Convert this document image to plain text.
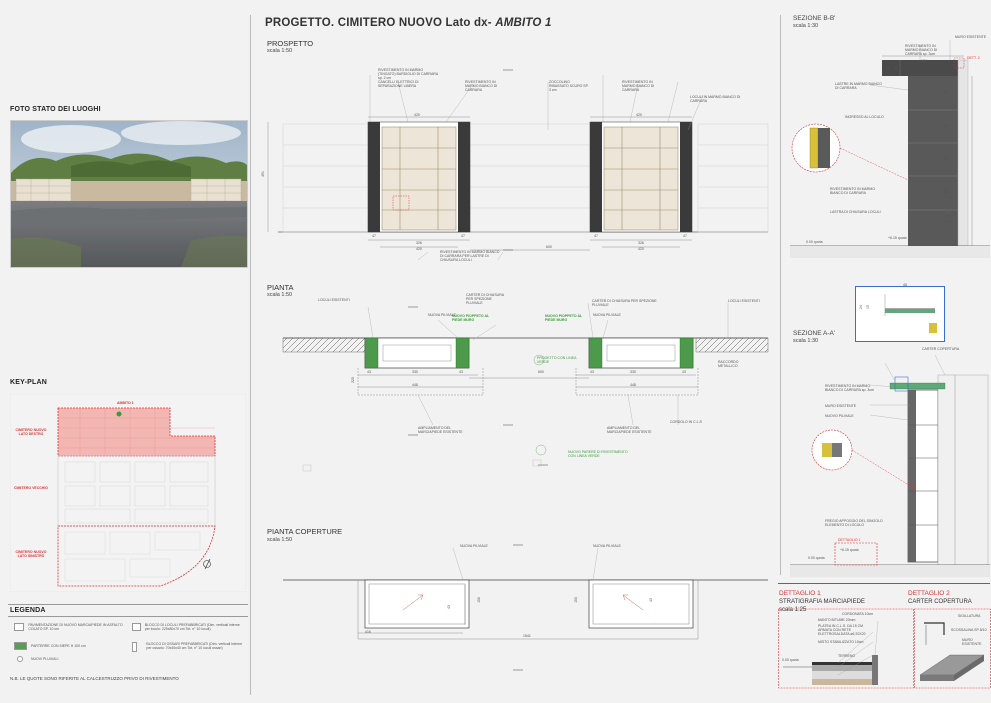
FOTO STATO DEI LUOGHI
KEY-PLAN
AMBITO 1
CIMITERO NUOVO LATO DESTRO
CIMITERO VECCHIO
CIMITERO NUOVO LATO SINISTRO
LEGENDA
PAVIMENTAZIONE DI NUOVO MARCIAPIEDE IN ASFALTO COLATO SP. 10 cm
PARTERRE CON SIEPE H 100 cm
NUOVI PLUVIALI
BLOCCO DI LOCULI PREFABBRICATI (Dim. verticali interne per loculo: 225x80x70 cm Tot. n° 10 loculi)
BLOCCO DI OSSARI PREFABBRICATI (Dim. verticali interne per ossario: 70x40x40 cm Tot. n° 10 loculi ossari)
N.B. LE QUOTE SONO RIFERITE AL CALCESTRUZZO PRIVO DI RIVESTIMENTO
PROGETTO. CIMITERO NUOVO Lato dx- AMBITO 1
PROSPETTO
scala 1:50
420	420
491
47	47	47	47
326	326
420	420
600
RIVESTIMENTO IN MARMO (TINGATO) BARDIGLIO DI CARRARA sp. 2 cm
CANCELLI ELETTRICI DI SEPARAZIONE LIBERA
RIVESTIMENTO IN MARMO BIANCO DI CARRARA
ZOCCOLINO RIBASSATO SCURO SP. 3 cm
RIVESTIMENTO IN MARMO BIANCO DI CARRARA
LOCULI IN MARMO BIANCO DI CARRARA
RIVESTIMENTO IN MARMO BIANCO DI CARRARA PER LASTRE DI CHIUSURA LOCULI
PIANTA
scala 1:50
NUOVO PIOPPETO AL PIEDE MURO
NUOVO PIOPPETO AL PIEDE MURO
PROGETTO CON LINEA VERDE
NUOVO PARERE DI RIVESTIMENTO CON LINEA VERDE
330
448
330
448
600
43	43	43	43
225
LOCULI ESISTENTI
NUOVA PILVIALE
CARTER DI CHIUSURA PER SPEZIONE PLUVIALE	CARTER DI CHIUSURA PER SPEZIONE PLUVIALE
NUOVA PILVIALE
LOCULI ESISTENTI
AMPLIAMENTO DEL MARCIAPIEDE ESISTENTE
AMPLIAMENTO DEL MARCIAPIEDE ESISTENTE
CORDOLO IN C.L.S
RACCORDO METALLICO
PIANTA COPERTURE
scala 1:50
416
43
43
1541
150	150
NUOVA PILVIALE	NUOVA PILVIALE
SEZIONE B-B'
scala 1:30
184
24
15
83
83
83
83
105
DETT. 2
RIVESTIMENTO IN MARMO BIANCO DI CARRARA sp. 3cm
LASTRE IN MARMO BIANCO DI CARRARA
INGRESSO AL LOCULO
RIVESTIMENTO IN MARMO BIANCO DI CARRARA
LASTRA DI CHIUSURA LOCULI
MURO ESISTENTE
+6.15 quota
0.00 quota
45
24 15
SEZIONE A-A'
scala 1:30
CARTER COPERTURA
RIVESTIMENTO IN MARMO BIANCO DI CARRARA sp. 3cm
MURO ESISTENTE
NUOVO PILVIALE
FREGIO APPOGGIO DEL SINGOLO ELEMENTO DI LOCULO
DETTAGLIO 1
+6.15 quota
0.00 quota
DETTAGLIO 1
STRATIGRAFIA MARCIAPIEDE
scala 1:25
CORDONATA 10cm
MANTO BITUME 20mm
PLATEA IN C.L.S. DA 15 CM ARMATA CON RETE ELETTROSALDATA ø6 20X20
MISTO STABILIZZATO 10cm
TERRENO
0.00 quota
DETTAGLIO 2
CARTER COPERTURA
SIGILLATURA
SCOSSALINA SP 8/10
MURO ESISTENTE
